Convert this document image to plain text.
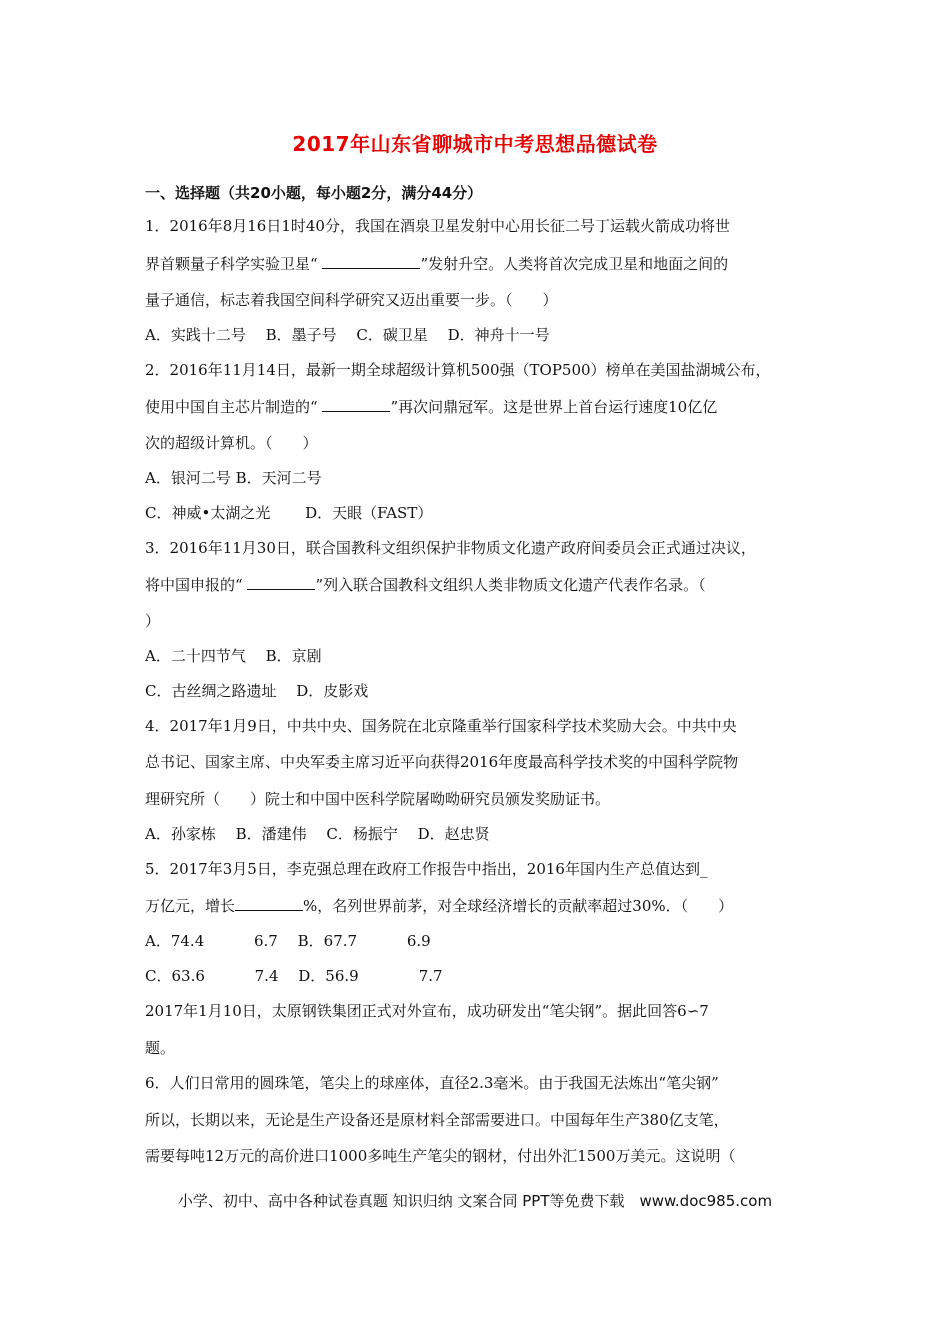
2017年山东省聊城市中考思想品德试卷
一、选择题（共20小题，每小题2分，满分44分）
1．2016年8月16日1时40分，我国在酒泉卫星发射中心用长征二号丁运载火箭成功将世
界首颗量子科学实验卫星“	”发射升空。人类将首次完成卫星和地面之间的
量子通信，标志着我国空间科学研究又迈出重要一步。（　　）
A．实践十二号　 B．墨子号　 C．碳卫星　 D．神舟十一号
2．2016年11月14日，最新一期全球超级计算机500强（TOP500）榜单在美国盐湖城公布，
使用中国自主芯片制造的“	”再次问鼎冠军。这是世界上首台运行速度10亿亿
次的超级计算机。（　　）
A．银河二号 B．天河二号
C．神威•太湖之光　　 D．天眼（FAST）
3．2016年11月30日，联合国教科文组织保护非物质文化遗产政府间委员会正式通过决议，
将中国申报的“	”列入联合国教科文组织人类非物质文化遗产代表作名录。（
）
A．二十四节气　 B．京剧
C．古丝绸之路遗址　 D．皮影戏
4．2017年1月9日，中共中央、国务院在北京隆重举行国家科学技术奖励大会。中共中央
总书记、国家主席、中央军委主席习近平向获得2016年度最高科学技术奖的中国科学院物
理研究所（　　）院士和中国中医科学院屠呦呦研究员颁发奖励证书。
A．孙家栋　 B．潘建伟　 C．杨振宁　 D．赵忠贤
5．2017年3月5日，李克强总理在政府工作报告中指出，2016年国内生产总值达到_
万亿元，增长	%，名列世界前茅，对全球经济增长的贡献率超过30%．（　　）
A．74.4　　　 6.7　 B．67.7　　　 6.9
C．63.6　　　 7.4　 D．56.9　　　　7.7
2017年1月10日，太原钢铁集团正式对外宣布，成功研发出“笔尖钢”。据此回答6∽7
题。
6．人们日常用的圆珠笔，笔尖上的球座体，直径2.3毫米。由于我国无法炼出“笔尖钢”
所以，长期以来，无论是生产设备还是原材料全部需要进口。中国每年生产380亿支笔，
需要每吨12万元的高价进口1000多吨生产笔尖的钢材，付出外汇1500万美元。这说明（
小学、初中、高中各种试卷真题 知识归纳 文案合同 PPT等免费下载　www.doc985.com
